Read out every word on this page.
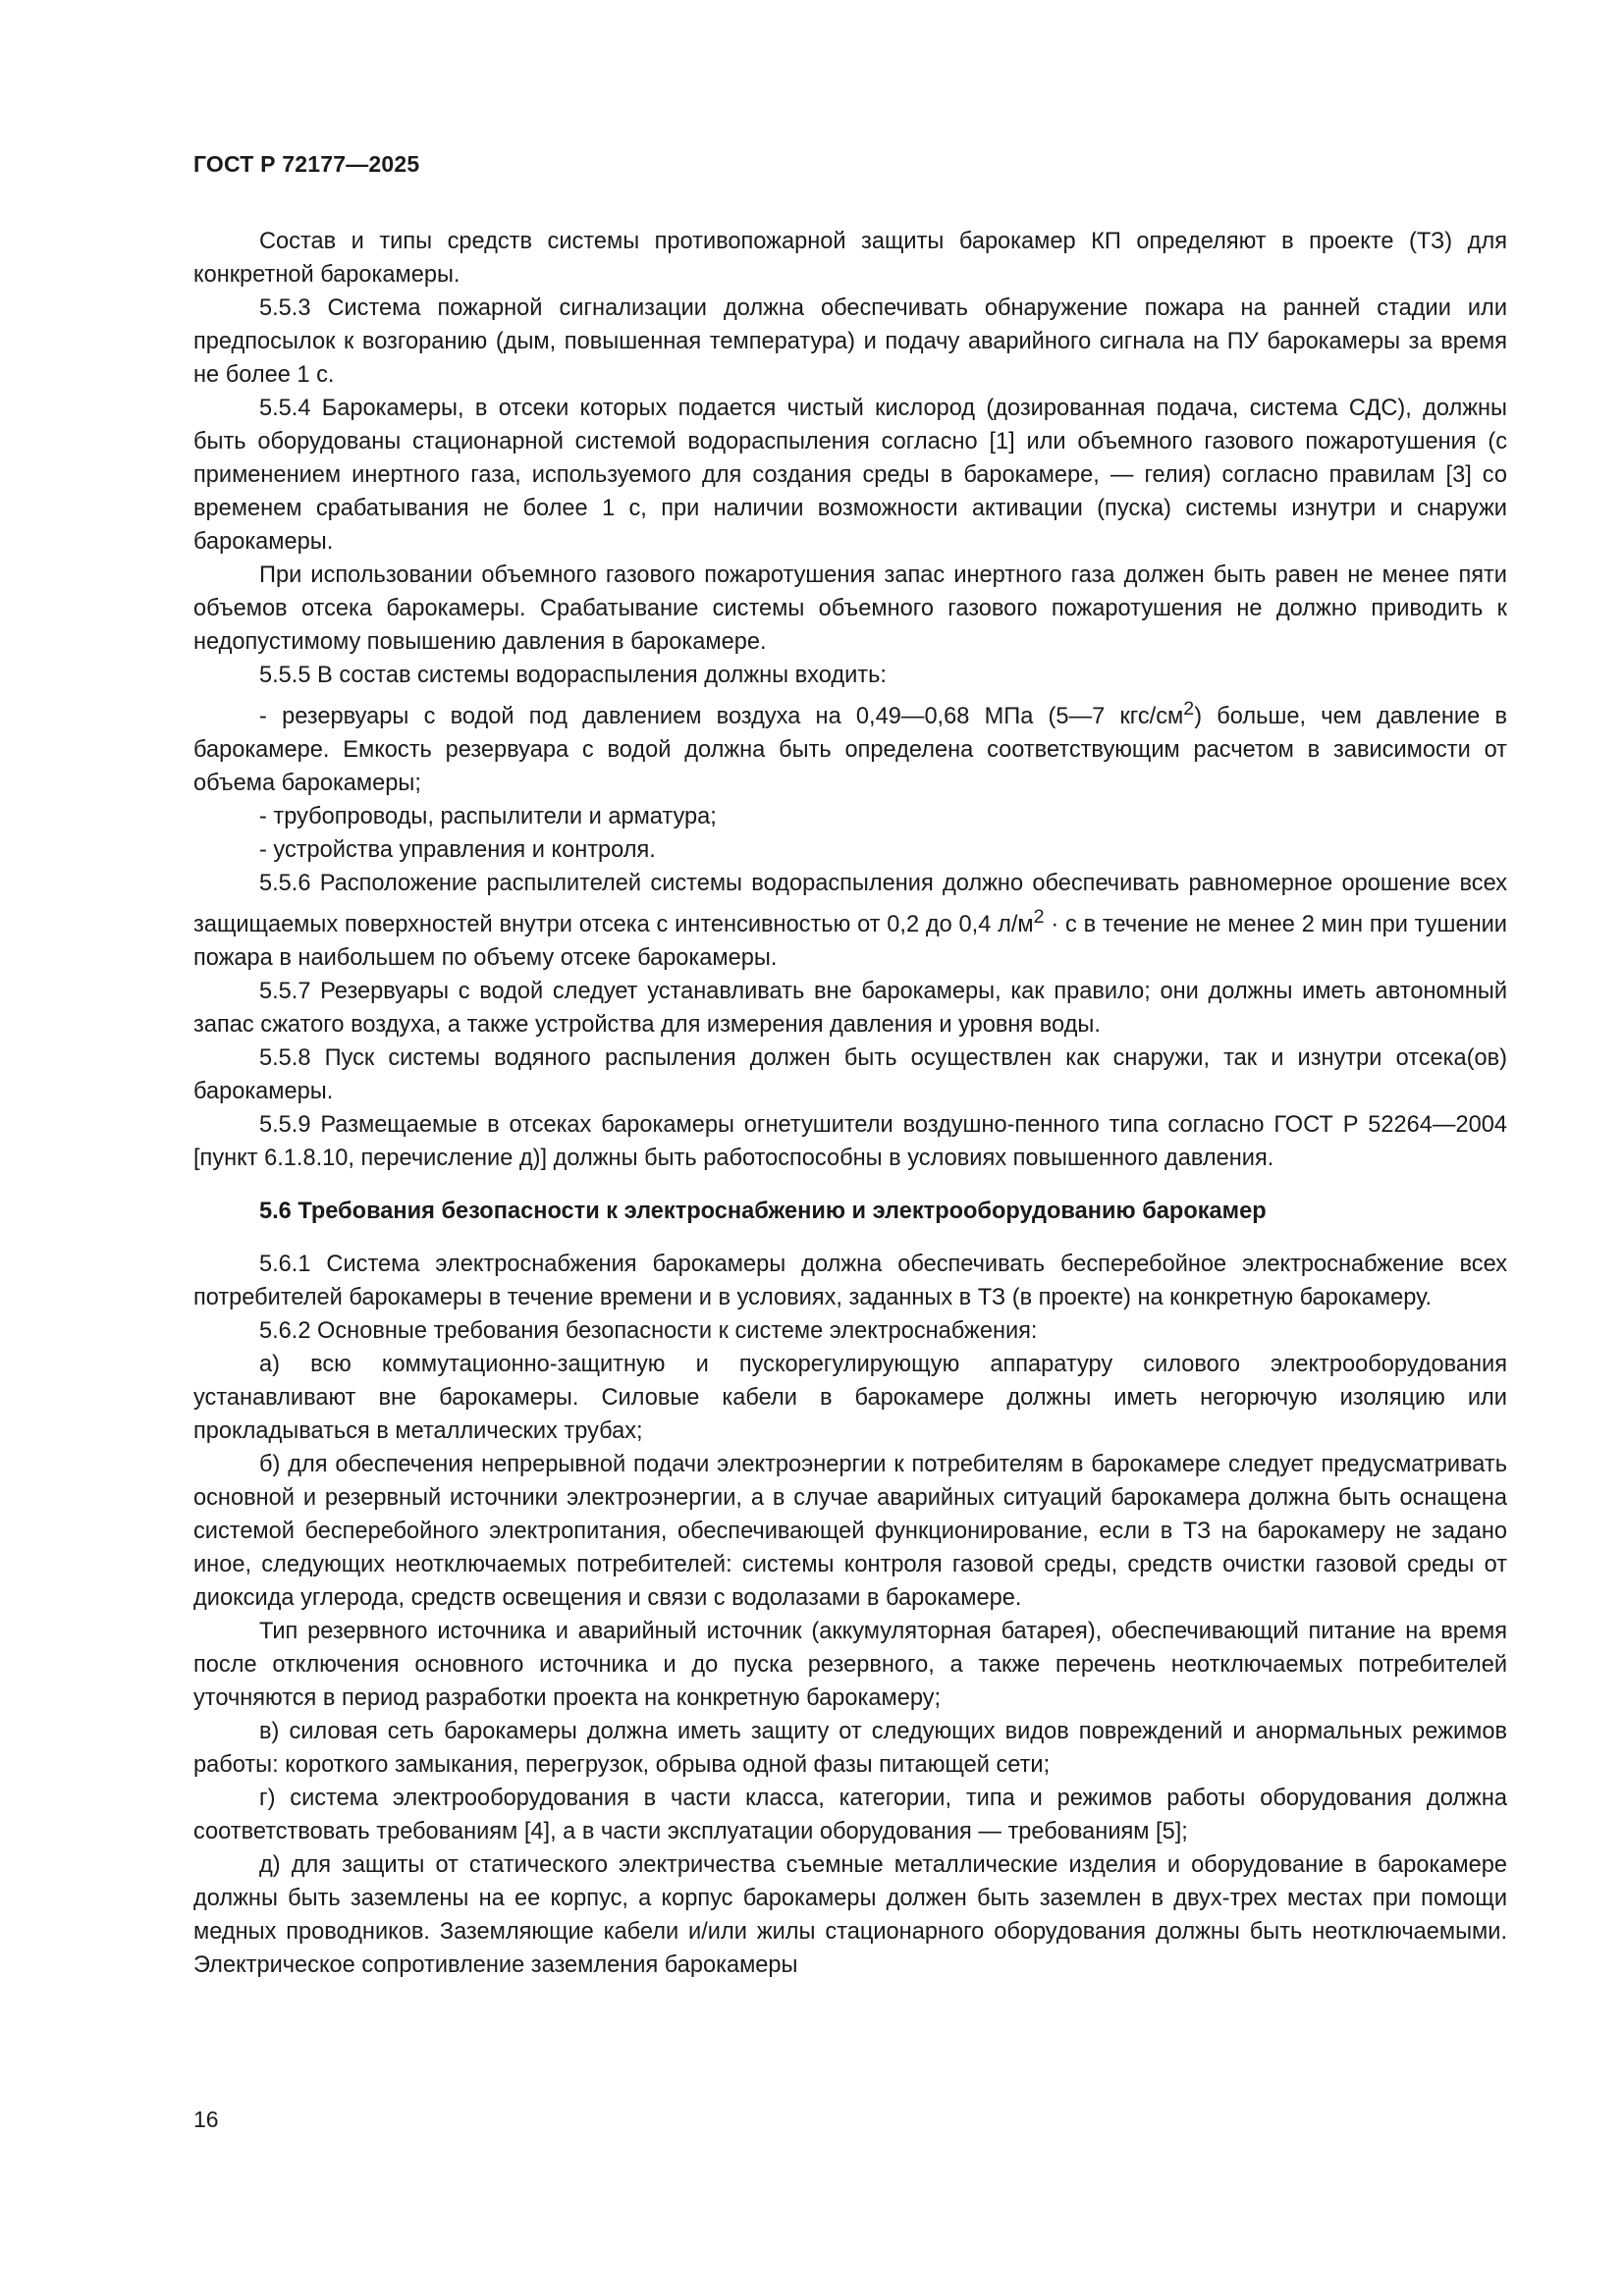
ГОСТ Р 72177—2025

Состав и типы средств системы противопожарной защиты барокамер КП определяют в проекте (ТЗ) для конкретной барокамеры.

5.5.3 Система пожарной сигнализации должна обеспечивать обнаружение пожара на ранней стадии или предпосылок к возгоранию (дым, повышенная температура) и подачу аварийного сигнала на ПУ барокамеры за время не более 1 с.

5.5.4 Барокамеры, в отсеки которых подается чистый кислород (дозированная подача, система СДС), должны быть оборудованы стационарной системой водораспыления согласно [1] или объемного газового пожаротушения (с применением инертного газа, используемого для создания среды в барокамере, — гелия) согласно правилам [3] со временем срабатывания не более 1 с, при наличии возможности активации (пуска) системы изнутри и снаружи барокамеры.

При использовании объемного газового пожаротушения запас инертного газа должен быть равен не менее пяти объемов отсека барокамеры. Срабатывание системы объемного газового пожаротушения не должно приводить к недопустимому повышению давления в барокамере.

5.5.5 В состав системы водораспыления должны входить:

- резервуары с водой под давлением воздуха на 0,49—0,68 МПа (5—7 кгс/$см^2$) больше, чем давление в барокамере. Емкость резервуара с водой должна быть определена соответствующим расчетом в зависимости от объема барокамеры;

- трубопроводы, распылители и арматура;

- устройства управления и контроля.

5.5.6 Расположение распылителей системы водораспыления должно обеспечивать равномерное орошение всех защищаемых поверхностей внутри отсека с интенсивностью от 0,2 до 0,4 $л/м^2 \cdot с$ в течение не менее 2 мин при тушении пожара в наибольшем по объему отсеке барокамеры.

5.5.7 Резервуары с водой следует устанавливать вне барокамеры, как правило; они должны иметь автономный запас сжатого воздуха, а также устройства для измерения давления и уровня воды.

5.5.8 Пуск системы водяного распыления должен быть осуществлен как снаружи, так и изнутри отсека(ов) барокамеры.

5.5.9 Размещаемые в отсеках барокамеры огнетушители воздушно-пенного типа согласно ГОСТ Р 52264—2004 [пункт 6.1.8.10, перечисление д)] должны быть работоспособны в условиях повышенного давления.

5.6 Требования безопасности к электроснабжению и электрооборудованию барокамер

5.6.1 Система электроснабжения барокамеры должна обеспечивать бесперебойное электроснабжение всех потребителей барокамеры в течение времени и в условиях, заданных в ТЗ (в проекте) на конкретную барокамеру.

5.6.2 Основные требования безопасности к системе электроснабжения:

а) всю коммутационно-защитную и пускорегулирующую аппаратуру силового электрооборудования устанавливают вне барокамеры. Силовые кабели в барокамере должны иметь негорючую изоляцию или прокладываться в металлических трубах;

б) для обеспечения непрерывной подачи электроэнергии к потребителям в барокамере следует предусматривать основной и резервный источники электроэнергии, а в случае аварийных ситуаций барокамера должна быть оснащена системой бесперебойного электропитания, обеспечивающей функционирование, если в ТЗ на барокамеру не задано иное, следующих неотключаемых потребителей: системы контроля газовой среды, средств очистки газовой среды от диоксида углерода, средств освещения и связи с водолазами в барокамере.

Тип резервного источника и аварийный источник (аккумуляторная батарея), обеспечивающий питание на время после отключения основного источника и до пуска резервного, а также перечень неотключаемых потребителей уточняются в период разработки проекта на конкретную барокамеру;

в) силовая сеть барокамеры должна иметь защиту от следующих видов повреждений и анормальных режимов работы: короткого замыкания, перегрузок, обрыва одной фазы питающей сети;

г) система электрооборудования в части класса, категории, типа и режимов работы оборудования должна соответствовать требованиям [4], а в части эксплуатации оборудования — требованиям [5];

д) для защиты от статического электричества съемные металлические изделия и оборудование в барокамере должны быть заземлены на ее корпус, а корпус барокамеры должен быть заземлен в двух-трех местах при помощи медных проводников. Заземляющие кабели и/или жилы стационарного оборудования должны быть неотключаемыми. Электрическое сопротивление заземления барокамеры

16
